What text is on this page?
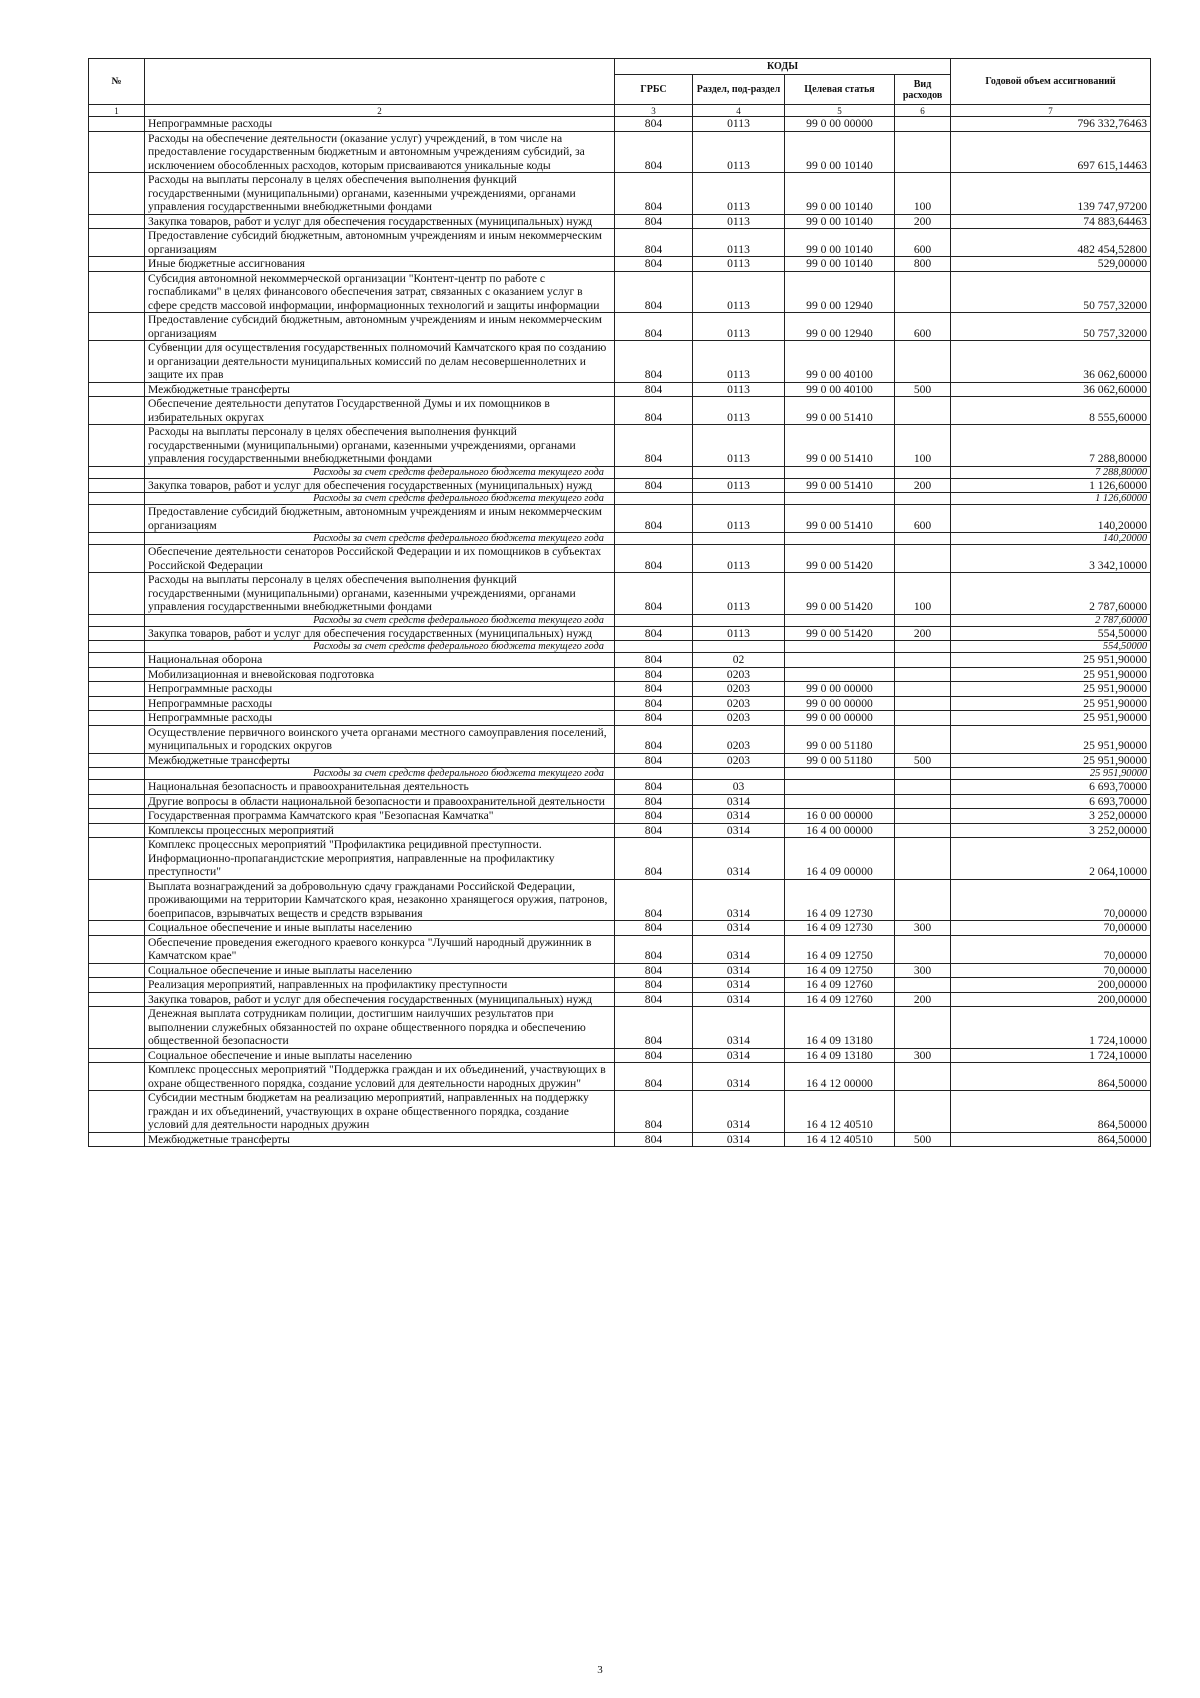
№		КОДЫ				Годовой объем ассигнований
		ГРБС	Раздел, под-раздел	Целевая статья	Вид расходов	
1	2	3	4	5	6	7
	Непрограммные расходы	804	0113	99 0 00 00000		796 332,76463
	Расходы на обеспечение деятельности (оказание услуг) учреждений, в том числе на предоставление государственным бюджетным и автономным учреждениям субсидий, за исключением обособленных расходов, которым присваиваются уникальные коды	804	0113	99 0 00 10140		697 615,14463
	Расходы на выплаты персоналу в целях обеспечения выполнения функций государственными (муниципальными) органами, казенными учреждениями, органами управления государственными внебюджетными фондами	804	0113	99 0 00 10140	100	139 747,97200
	Закупка товаров, работ и услуг для обеспечения государственных (муниципальных) нужд	804	0113	99 0 00 10140	200	74 883,64463
	Предоставление субсидий бюджетным, автономным учреждениям и иным некоммерческим организациям	804	0113	99 0 00 10140	600	482 454,52800
	Иные бюджетные ассигнования	804	0113	99 0 00 10140	800	529,00000
	Субсидия автономной некоммерческой организации "Контент-центр по работе с госпабликами" в целях финансового обеспечения затрат, связанных с оказанием услуг в сфере средств массовой информации, информационных технологий и защиты информации	804	0113	99 0 00 12940		50 757,32000
	Предоставление субсидий бюджетным, автономным учреждениям и иным некоммерческим организациям	804	0113	99 0 00 12940	600	50 757,32000
	Субвенции для осуществления государственных полномочий Камчатского края по созданию и организации деятельности муниципальных комиссий по делам несовершеннолетних и защите их прав	804	0113	99 0 00 40100		36 062,60000
	Межбюджетные трансферты	804	0113	99 0 00 40100	500	36 062,60000
	Обеспечение деятельности депутатов Государственной Думы и их помощников в избирательных округах	804	0113	99 0 00 51410		8 555,60000
	Расходы на выплаты персоналу в целях обеспечения выполнения функций государственными (муниципальными) органами, казенными учреждениями, органами управления государственными внебюджетными фондами	804	0113	99 0 00 51410	100	7 288,80000
	Расходы за счет средств федерального бюджета текущего года					7 288,80000
	Закупка товаров, работ и услуг для обеспечения государственных (муниципальных) нужд	804	0113	99 0 00 51410	200	1 126,60000
	Расходы за счет средств федерального бюджета текущего года					1 126,60000
	Предоставление субсидий бюджетным, автономным учреждениям и иным некоммерческим организациям	804	0113	99 0 00 51410	600	140,20000
	Расходы за счет средств федерального бюджета текущего года					140,20000
	Обеспечение деятельности сенаторов Российской Федерации и их помощников в субъектах Российской Федерации	804	0113	99 0 00 51420		3 342,10000
	Расходы на выплаты персоналу в целях обеспечения выполнения функций государственными (муниципальными) органами, казенными учреждениями, органами управления государственными внебюджетными фондами	804	0113	99 0 00 51420	100	2 787,60000
	Расходы за счет средств федерального бюджета текущего года					2 787,60000
	Закупка товаров, работ и услуг для обеспечения государственных (муниципальных) нужд	804	0113	99 0 00 51420	200	554,50000
	Расходы за счет средств федерального бюджета текущего года					554,50000
	Национальная оборона	804	02			25 951,90000
	Мобилизационная и вневойсковая подготовка	804	0203			25 951,90000
	Непрограммные расходы	804	0203	99 0 00 00000		25 951,90000
	Непрограммные расходы	804	0203	99 0 00 00000		25 951,90000
	Непрограммные расходы	804	0203	99 0 00 00000		25 951,90000
	Осуществление первичного воинского учета органами местного самоуправления поселений, муниципальных и городских округов	804	0203	99 0 00 51180		25 951,90000
	Межбюджетные трансферты	804	0203	99 0 00 51180	500	25 951,90000
	Расходы за счет средств федерального бюджета текущего года					25 951,90000
	Национальная безопасность и правоохранительная деятельность	804	03			6 693,70000
	Другие вопросы в области национальной безопасности и правоохранительной деятельности	804	0314			6 693,70000
	Государственная программа Камчатского края "Безопасная Камчатка"	804	0314	16 0 00 00000		3 252,00000
	Комплексы процессных мероприятий	804	0314	16 4 00 00000		3 252,00000
	Комплекс процессных мероприятий "Профилактика рецидивной преступности. Информационно-пропагандистские мероприятия, направленные на профилактику преступности"	804	0314	16 4 09 00000		2 064,10000
	Выплата вознаграждений за добровольную сдачу гражданами Российской Федерации, проживающими на территории Камчатского края, незаконно хранящегося оружия, патронов, боеприпасов, взрывчатых веществ и средств взрывания	804	0314	16 4 09 12730		70,00000
	Социальное обеспечение и иные выплаты населению	804	0314	16 4 09 12730	300	70,00000
	Обеспечение проведения ежегодного краевого конкурса "Лучший народный дружинник в Камчатском крае"	804	0314	16 4 09 12750		70,00000
	Социальное обеспечение и иные выплаты населению	804	0314	16 4 09 12750	300	70,00000
	Реализация мероприятий, направленных на профилактику преступности	804	0314	16 4 09 12760		200,00000
	Закупка товаров, работ и услуг для обеспечения государственных (муниципальных) нужд	804	0314	16 4 09 12760	200	200,00000
	Денежная выплата сотрудникам полиции, достигшим наилучших результатов при выполнении служебных обязанностей по охране общественного порядка и обеспечению общественной безопасности	804	0314	16 4 09 13180		1 724,10000
	Социальное обеспечение и иные выплаты населению	804	0314	16 4 09 13180	300	1 724,10000
	Комплекс процессных мероприятий "Поддержка граждан и их объединений, участвующих в охране общественного порядка, создание условий для деятельности народных дружин"	804	0314	16 4 12 00000		864,50000
	Субсидии местным бюджетам на реализацию мероприятий, направленных на поддержку граждан и их объединений, участвующих в охране общественного порядка, создание условий для деятельности народных дружин	804	0314	16 4 12 40510		864,50000
	Межбюджетные трансферты	804	0314	16 4 12 40510	500	864,50000
3
